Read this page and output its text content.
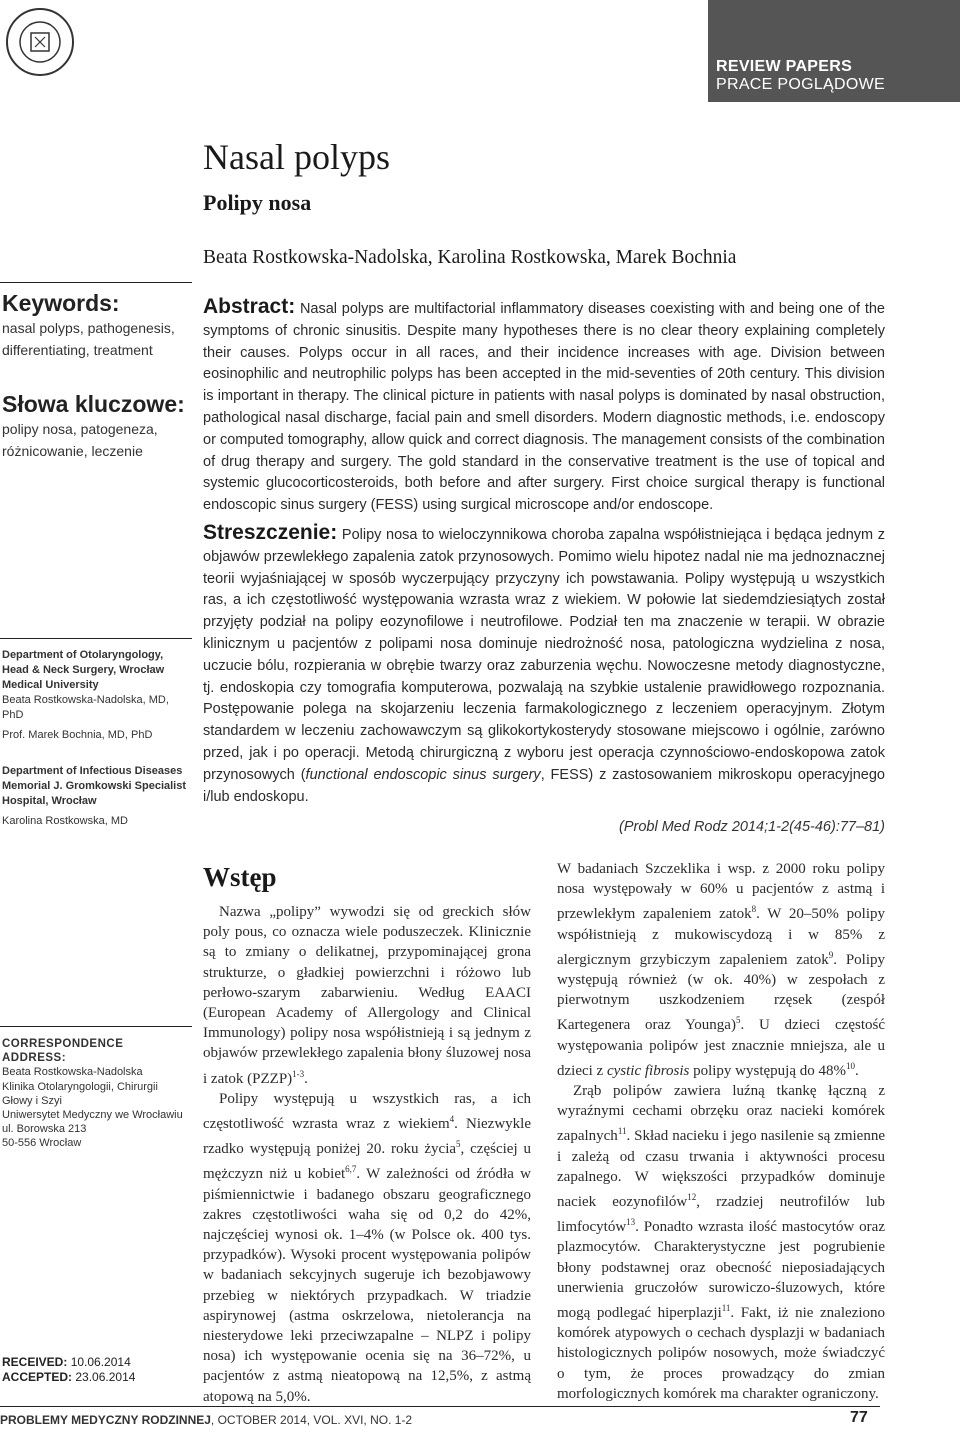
REVIEW PAPERS
PRACE POGLĄDOWE
Nasal polyps
Polipy nosa
Beata Rostkowska-Nadolska, Karolina Rostkowska, Marek Bochnia
Keywords:
nasal polyps, pathogenesis, differentiating, treatment
Słowa kluczowe:
polipy nosa, patogeneza, różnicowanie, leczenie
Department of Otolaryngology, Head & Neck Surgery, Wrocław Medical University
Beata Rostkowska-Nadolska, MD, PhD

Prof. Marek Bochnia, MD, PhD
Department of Infectious Diseases Memorial J. Gromkowski Specialist Hospital, Wrocław

Karolina Rostkowska, MD
CORRESPONDENCE ADDRESS:
Beata Rostkowska-Nadolska
Klinika Otolaryngologii, Chirurgii Głowy i Szyi
Uniwersytet Medyczny we Wrocławiu
ul. Borowska 213
50-556 Wrocław
RECEIVED: 10.06.2014
ACCEPTED: 23.06.2014
Abstract: Nasal polyps are multifactorial inflammatory diseases coexisting with and being one of the symptoms of chronic sinusitis. Despite many hypotheses there is no clear theory explaining completely their causes. Polyps occur in all races, and their incidence increases with age. Division between eosinophilic and neutrophilic polyps has been accepted in the mid-seventies of 20th century. This division is important in therapy. The clinical picture in patients with nasal polyps is dominated by nasal obstruction, pathological nasal discharge, facial pain and smell disorders. Modern diagnostic methods, i.e. endoscopy or computed tomography, allow quick and correct diagnosis. The management consists of the combination of drug therapy and surgery. The gold standard in the conservative treatment is the use of topical and systemic glucocorticosteroids, both before and after surgery. First choice surgical therapy is functional endoscopic sinus surgery (FESS) using surgical microscope and/or endoscope.
Streszczenie: Polipy nosa to wieloczynnikowa choroba zapalna współistniejąca i będąca jednym z objawów przewlekłego zapalenia zatok przynosowych. Pomimo wielu hipotez nadal nie ma jednoznacznej teorii wyjaśniającej w sposób wyczerpujący przyczyny ich powstawania. Polipy występują u wszystkich ras, a ich częstotliwość występowania wzrasta wraz z wiekiem. W połowie lat siedemdziesiątych został przyjęty podział na polipy eozynofilowe i neutrofilowe. Podział ten ma znaczenie w terapii. W obrazie klinicznym u pacjentów z polipami nosa dominuje niedrożność nosa, patologiczna wydzielina z nosa, uczucie bólu, rozpierania w obrębie twarzy oraz zaburzenia węchu. Nowoczesne metody diagnostyczne, tj. endoskopia czy tomografia komputerowa, pozwalają na szybkie ustalenie prawidłowego rozpoznania. Postępowanie polega na skojarzeniu leczenia farmakologicznego z leczeniem operacyjnym. Złotym standardem w leczeniu zachowawczym są glikokortykosterydy stosowane miejscowo i ogólnie, zarówno przed, jak i po operacji. Metodą chirurgiczną z wyboru jest operacja czynnościowo-endoskopowa zatok przynosowych (functional endoscopic sinus surgery, FESS) z zastosowaniem mikroskopu operacyjnego i/lub endoskopu.
(Probl Med Rodz 2014;1-2(45-46):77–81)
Wstęp

Nazwa „polipy” wywodzi się od greckich słów poly pous, co oznacza wiele poduszeczek. Klinicznie są to zmiany o delikatnej, przypominającej grona strukturze, o gładkiej powierzchni i różowo lub perłowo-szarym zabarwieniu. Według EAACI (European Academy of Allergology and Clinical Immunology) polipy nosa współistnieją i są jednym z objawów przewlekłego zapalenia błony śluzowej nosa i zatok (PZZP)$^{1-3}$.

Polipy występują u wszystkich ras, a ich częstotliwość wzrasta wraz z wiekiem$^4$. Niezwykle rzadko występują poniżej 20. roku życia$^5$, częściej u mężczyzn niż u kobiet$^{6,7}$. W zależności od źródła w piśmiennictwie i badanego obszaru geograficznego zakres częstotliwości waha się od 0,2 do 42%, najczęściej wynosi ok. 1–4% (w Polsce ok. 400 tys. przypadków). Wysoki procent występowania polipów w badaniach sekcyjnych sugeruje ich bezobjawowy przebieg w niektórych przypadkach. W triadzie aspirynowej (astma oskrzelowa, nietolerancja na niesterydowe leki przeciwzapalne – NLPZ i polipy nosa) ich występowanie ocenia się na 36–72%, u pacjentów z astmą nieatopową na 12,5%, z astmą atopową na 5,0%.

W badaniach Szczeklika i wsp. z 2000 roku polipy nosa występowały w 60% u pacjentów z astmą i przewlekłym zapaleniem zatok$^8$. W 20–50% polipy współistnieją z mukowiscydozą i w 85% z alergicznym grzybiczym zapaleniem zatok$^9$. Polipy występują również (w ok. 40%) w zespołach z pierwotnym uszkodzeniem rzęsek (zespół Kartegenera oraz Younga)$^5$. U dzieci częstość występowania polipów jest znacznie mniejsza, ale u dzieci z cystic fibrosis polipy występują do 48%$^{10}$.

Zrąb polipów zawiera luźną tkankę łączną z wyraźnymi cechami obrzęku oraz nacieki komórek zapalnych$^{11}$. Skład nacieku i jego nasilenie są zmienne i zależą od czasu trwania i aktywności procesu zapalnego. W większości przypadków dominuje naciek eozynofilów$^{12}$, rzadziej neutrofilów lub limfocytów$^{13}$. Ponadto wzrasta ilość mastocytów oraz plazmocytów. Charakterystyczne jest pogrubienie błony podstawnej oraz obecność nieposiadających unerwienia gruczołów surowiczo-śluzowych, które mogą podlegać hiperplazji$^{11}$. Fakt, iż nie znaleziono komórek atypowych o cechach dysplazji w badaniach histologicznych polipów nosowych, może świadczyć o tym, że proces prowadzący do zmian morfologicznych komórek ma charakter ograniczony.

PROBLEMY MEDYCZNY RODZINNEJ, OCTOBER 2014, VOL. XVI, NO. 1-2	77
